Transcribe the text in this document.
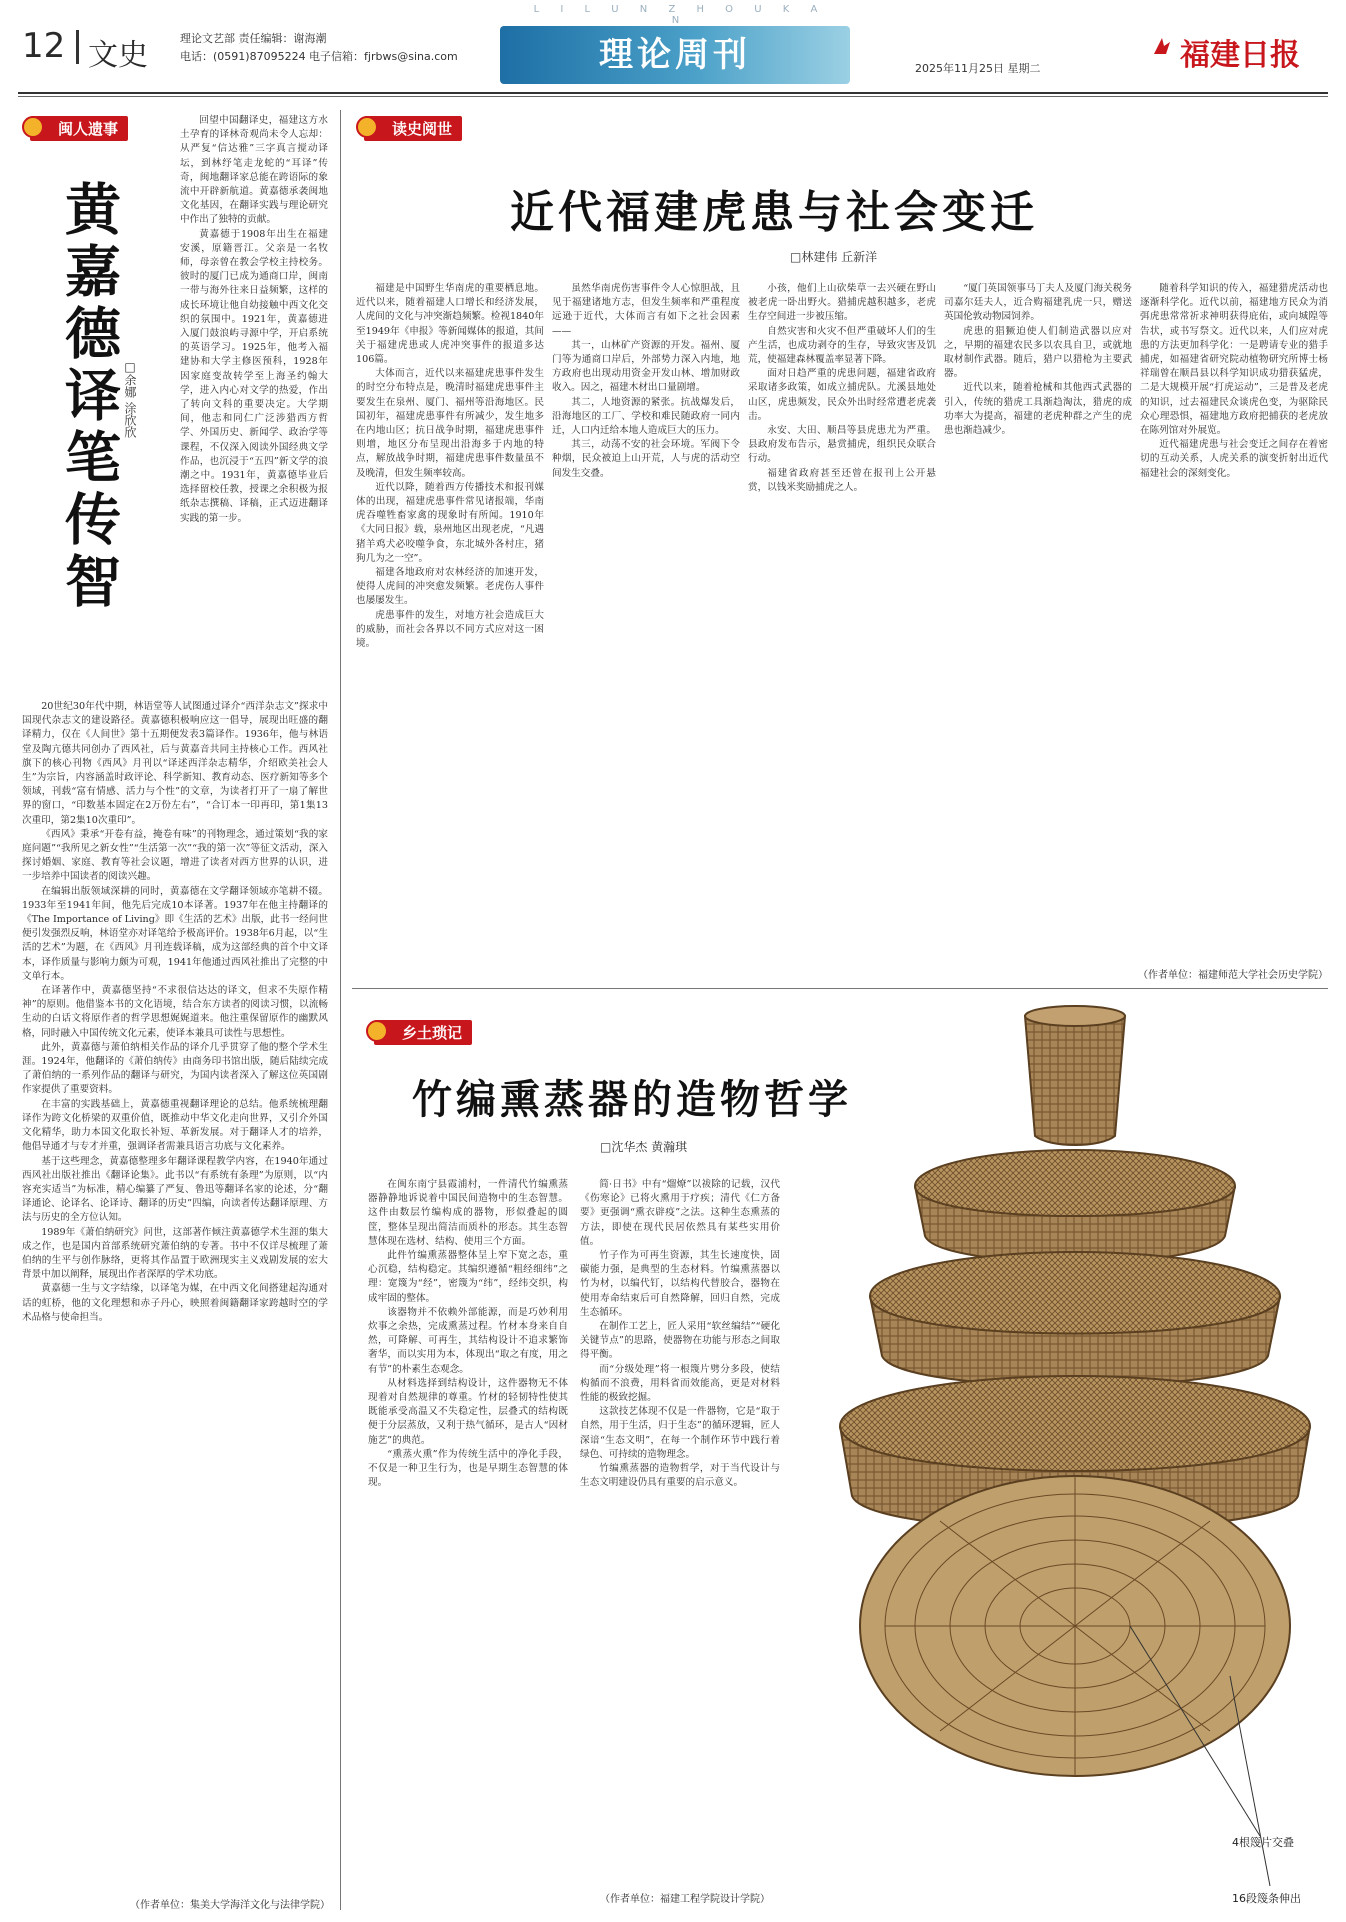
L I L U N Z H O U K A N
12 文史	理论文艺部 责任编辑：谢海潮
电话：(0591)87095224 电子信箱：fjrbws@sina.com	理论周刊	2025年11月25日 星期二	福建日报
闽人遗事
黄嘉德译笔传智 □余娜 涂欣欣

回望中国翻译史，福建这方水土孕育的译林奇观尚未令人忘却：从严复“信达雅”三字真言搅动译坛，到林纾笔走龙蛇的“耳译”传奇，闽地翻译家总能在跨语际的象流中开辟新航道。黄嘉德承袭闽地文化基因，在翻译实践与理论研究中作出了独特的贡献。

黄嘉德于1908年出生在福建安溪，原籍晋江。父亲是一名牧师，母亲曾在教会学校主持校务。彼时的厦门已成为通商口岸，闽南一带与海外往来日益频繁，这样的成长环境让他自幼接触中西文化交织的氛围中。1921年，黄嘉德进入厦门鼓浪屿寻源中学，开启系统的英语学习。1925年，他考入福建协和大学主修医预科，1928年因家庭变故转学至上海圣约翰大学，进入内心对文学的热爱，作出了转向文科的重要决定。大学期间，他志和同仁广泛涉猎西方哲学、外国历史、新闻学、政治学等课程，不仅深入阅读外国经典文学作品，也沉浸于“五四”新文学的浪潮之中。1931年，黄嘉德毕业后选择留校任教，授课之余积极为报纸杂志撰稿、译稿，正式迈进翻译实践的第一步。

20世纪30年代中期，林语堂等人试图通过译介“西洋杂志文”探求中国现代杂志文的建设路径。黄嘉德积极响应这一倡导，展现出旺盛的翻译精力，仅在《人间世》第十五期便发表3篇译作。1936年，他与林语堂及陶亢德共同创办了西风社，后与黄嘉音共同主持核心工作。西风社旗下的核心刊物《西风》月刊以“译述西洋杂志精华，介绍欧美社会人生”为宗旨，内容涵盖时政评论、科学新知、教育动态、医疗新知等多个领域，刊载“富有情感、活力与个性”的文章，为读者打开了一扇了解世界的窗口，“印数基本固定在2万份左右”，“合订本一印再印，第1集13次重印，第2集10次重印”。

《西风》秉承“开卷有益，掩卷有味”的刊物理念，通过策划“我的家庭问题”“我所见之新女性”“生活第一次”“我的第一次”等征文活动，深入探讨婚姻、家庭、教育等社会议题，增进了读者对西方世界的认识，进一步培养中国读者的阅读兴趣。

在编辑出版领域深耕的同时，黄嘉德在文学翻译领域亦笔耕不辍。1933年至1941年间，他先后完成10本译著。1937年在他主持翻译的《The Importance of Living》即《生活的艺术》出版，此书一经问世便引发强烈反响，林语堂亦对译笔给予极高评价。1938年6月起，以“生活的艺术”为题，在《西风》月刊连载译稿，成为这部经典的首个中文译本，译作质量与影响力颇为可观，1941年他通过西风社推出了完整的中文单行本。

在译著作中，黄嘉德坚持“不求很信达达的译文，但求不失原作精神”的原则。他借鉴本书的文化语境，结合东方读者的阅读习惯，以流畅生动的白话文将原作者的哲学思想娓娓道来。他注重保留原作的幽默风格，同时融入中国传统文化元素，使译本兼具可读性与思想性。

此外，黄嘉德与萧伯纳相关作品的译介几乎贯穿了他的整个学术生涯。1924年，他翻译的《萧伯纳传》由商务印书馆出版，随后陆续完成了萧伯纳的一系列作品的翻译与研究，为国内读者深入了解这位英国剧作家提供了重要资料。

在丰富的实践基础上，黄嘉德重视翻译理论的总结。他系统梳理翻译作为跨文化桥梁的双重价值，既推动中华文化走向世界，又引介外国文化精华，助力本国文化取长补短、革新发展。对于翻译人才的培养，他倡导通才与专才并重，强调译者需兼具语言功底与文化素养。

基于这些理念，黄嘉德整理多年翻译课程教学内容，在1940年通过西风社出版社推出《翻译论集》。此书以“有系统有条理”为原则，以“内容充实适当”为标准，精心编纂了严复、鲁迅等翻译名家的论述，分“翻译通论、论译名、论译诗、翻译的历史”四编，向读者传达翻译原理、方法与历史的全方位认知。

1989年《萧伯纳研究》问世，这部著作倾注黄嘉德学术生涯的集大成之作，也是国内首部系统研究萧伯纳的专著。书中不仅详尽梳理了萧伯纳的生平与创作脉络，更将其作品置于欧洲现实主义戏剧发展的宏大背景中加以阐释，展现出作者深厚的学术功底。

黄嘉德一生与文字结缘，以译笔为媒，在中西文化间搭建起沟通对话的虹桥，他的文化理想和赤子丹心，映照着闽籍翻译家跨越时空的学术品格与使命担当。

（作者单位：集美大学海洋文化与法律学院）
读史阅世
近代福建虎患与社会变迁
□林建伟 丘新洋

福建是中国野生华南虎的重要栖息地。近代以来，随着福建人口增长和经济发展，人虎间的文化与冲突渐趋频繁。检视1840年至1949年《申报》等新闻媒体的报道，其间关于福建虎患或人虎冲突事件的报道多达106篇。

大体而言，近代以来福建虎患事件发生的时空分布特点是，晚清时福建虎患事件主要发生在泉州、厦门、福州等沿海地区。民国初年，福建虎患事件有所减少，发生地多在内地山区；抗日战争时期，福建虎患事件则增，地区分布呈现出沿海多于内地的特点，解放战争时期，福建虎患事件数量虽不及晚清，但发生频率较高。

近代以降，随着西方传播技术和报刊媒体的出现，福建虎患事件常见诸报端，华南虎吞噬牲畜家禽的现象时有所闻。1910年《大同日报》载，泉州地区出现老虎，“凡遇猪羊鸡犬必咬噬争食，东北城外各村庄，猪狗几为之一空”。

福建各地政府对农林经济的加速开发，使得人虎间的冲突愈发频繁。老虎伤人事件也屡屡发生。

虎患事件的发生，对地方社会造成巨大的威胁，而社会各界以不同方式应对这一困境。

虽然华南虎伤害事件令人心惊胆战，且见于福建诸地方志，但发生频率和严重程度远逊于近代，大体而言有如下之社会因素——

其一，山林矿产资源的开发。福州、厦门等为通商口岸后，外部势力深入内地，地方政府也出现动用资金开发山林、增加财政收入。因之，福建木材出口量剧增。

其二，人地资源的紧张。抗战爆发后，沿海地区的工厂、学校和难民随政府一同内迁，人口内迁给本地人造成巨大的压力。

其三，动荡不安的社会环境。军阀下令种烟，民众被迫上山开荒，人与虎的活动空间发生交叠。

小孩，他们上山砍柴草一去兴硬在野山被老虎一卧出野火。猎捕虎越积越多，老虎生存空间进一步被压缩。

自然灾害和火灾不但严重破坏人们的生产生活，也成功剥夺的生存，导致灾害及饥荒，使福建森林覆盖率显著下降。

面对日趋严重的虎患问题，福建省政府采取诸多政策，如成立捕虎队。尤溪县地处山区，虎患频发，民众外出时经常遭老虎袭击。

永安、大田、顺昌等县虎患尤为严重。县政府发布告示，悬赏捕虎，组织民众联合行动。

福建省政府甚至还曾在报刊上公开悬赏，以钱米奖励捕虎之人。

“厦门英国领事马丁夫人及厦门海关税务司嘉尔廷夫人，近合购福建乳虎一只，赠送英国伦敦动物园饲养。

虎患的猖獗迫使人们制造武器以应对之，早期的福建农民多以农具自卫，或就地取材制作武器。随后，猎户以猎枪为主要武器。

近代以来，随着枪械和其他西式武器的引入，传统的猎虎工具渐趋淘汰，猎虎的成功率大为提高，福建的老虎种群之产生的虎患也渐趋减少。

随着科学知识的传入，福建猎虎活动也逐渐科学化。近代以前，福建地方民众为消弭虎患常常祈求神明获得庇佑，或向城隍等告状，或书写祭文。近代以来，人们应对虎患的方法更加科学化：一是聘请专业的猎手捕虎，如福建省研究院动植物研究所博士杨祥瑞曾在顺昌县以科学知识成功猎获猛虎，二是大规模开展“打虎运动”，三是普及老虎的知识，过去福建民众谈虎色变，为驱除民众心理恐惧，福建地方政府把捕获的老虎放在陈列馆对外展览。

近代福建虎患与社会变迁之间存在着密切的互动关系，人虎关系的演变折射出近代福建社会的深刻变化。

（作者单位：福建师范大学社会历史学院）
乡土琐记
竹编熏蒸器的造物哲学
□沈华杰 黄瀚琪

在闽东南宁县霞浦村，一件清代竹编熏蒸器静静地诉说着中国民间造物中的生态智慧。这件由数层竹编构成的器物，形似叠起的圆筐，整体呈现出简洁而质朴的形态。其生态智慧体现在选材、结构、使用三个方面。

此件竹编熏蒸器整体呈上窄下宽之态，重心沉稳，结构稳定。其编织遵循“粗经细纬”之理：宽篾为“经”，密篾为“纬”，经纬交织，构成牢固的整体。

该器物并不依赖外部能源，而是巧妙利用炊事之余热，完成熏蒸过程。竹材本身来自自然，可降解、可再生，其结构设计不追求繁饰奢华，而以实用为本，体现出“取之有度，用之有节”的朴素生态观念。

从材料选择到结构设计，这件器物无不体现着对自然规律的尊重。竹材的轻韧特性使其既能承受高温又不失稳定性，层叠式的结构既便于分层蒸放，又利于热气循环，是古人“因材施艺”的典范。

“熏蒸火熏”作为传统生活中的净化手段，不仅是一种卫生行为，也是早期生态智慧的体现。

简·日书》中有“熘燎”以祓除的记载，汉代《伤寒论》已将火熏用于疗疾；清代《仁方备要》更强调“熏衣辟疫”之法。这种生态熏蒸的方法，即使在现代民居依然具有某些实用价值。

竹子作为可再生资源，其生长速度快，固碳能力强，是典型的生态材料。竹编熏蒸器以竹为材，以编代钉，以结构代替胶合，器物在使用寿命结束后可自然降解，回归自然，完成生态循环。

在制作工艺上，匠人采用“软丝编结”“硬化关键节点”的思路，使器物在功能与形态之间取得平衡。

而“分级处理”将一根篾片劈分多段，使结构循而不浪费，用料省而效能高，更是对材料性能的极致挖掘。

这款技艺体现不仅是一件器物，它是“取于自然，用于生活，归于生态”的循环逻辑，匠人深谙“生态文明”，在每一个制作环节中践行着绿色、可持续的造物理念。

竹编熏蒸器的造物哲学，对于当代设计与生态文明建设仍具有重要的启示意义。

（作者单位：福建工程学院设计学院）
4根篾片交叠
16段篾条伸出
